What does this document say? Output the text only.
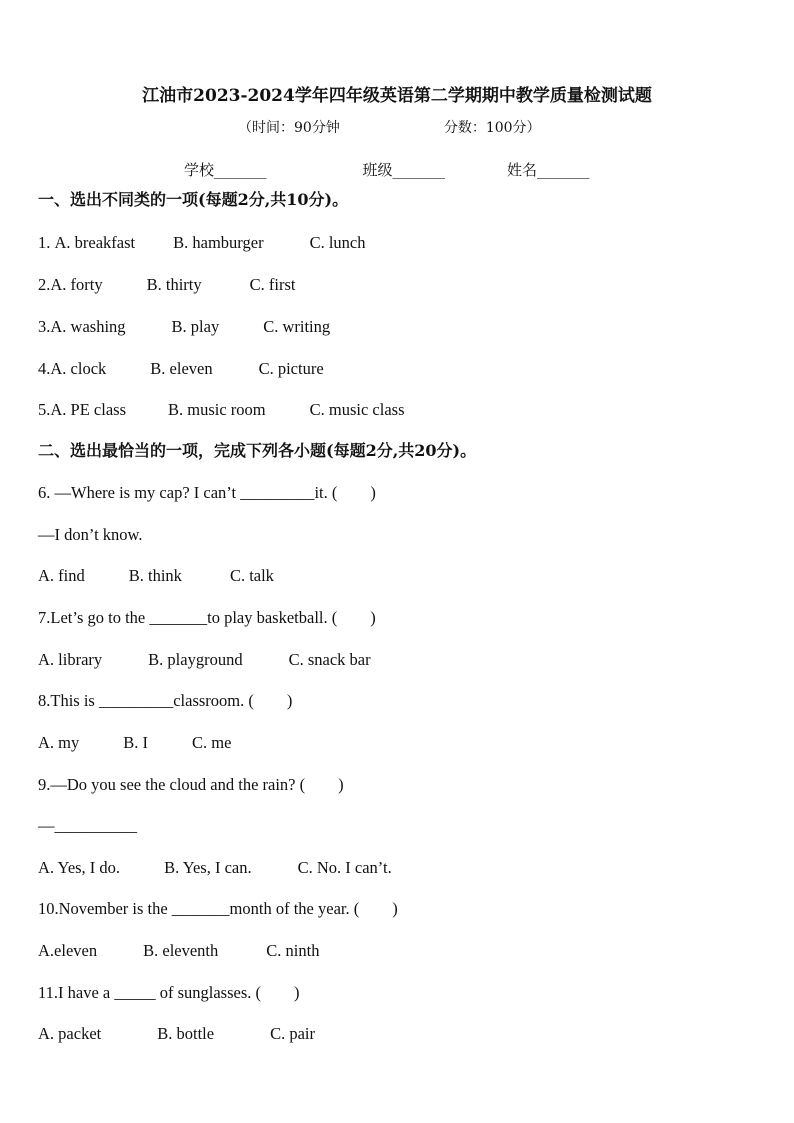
江油市2023-2024学年四年级英语第二学期期中教学质量检测试题
（时间：90分钟	分数：100分）
学校_______	班级_______	姓名_______
一、选出不同类的一项(每题2分,共10分)。
1. A. breakfast B. hamburger	C. lunch
2.A. forty	B. thirty	C. first
3.A. washing	B. play	C. writing
4.A. clock	B. eleven	C. picture
5.A. PE class	B. music room	C. music class
二、选出最恰当的一项，完成下列各小题(每题2分,共20分)。
6. —Where is my cap? I can’t _________it. (　　)
—I don’t know.
A. find	B. think	C. talk
7.Let’s go to the _______to play basketball. (　　)
A. library	B. playground	C. snack bar
8.This is _________classroom. (　　)
A. my	B. I	C. me
9.—Do you see the cloud and the rain? (　　)
—__________
A. Yes, I do.	B. Yes, I can.	C. No. I can’t.
10.November is the _______month of the year. (　　)
A.eleven	B. eleventh	C. ninth
11.I have a _____ of sunglasses. (　　)
A. packet	B. bottle	C. pair
